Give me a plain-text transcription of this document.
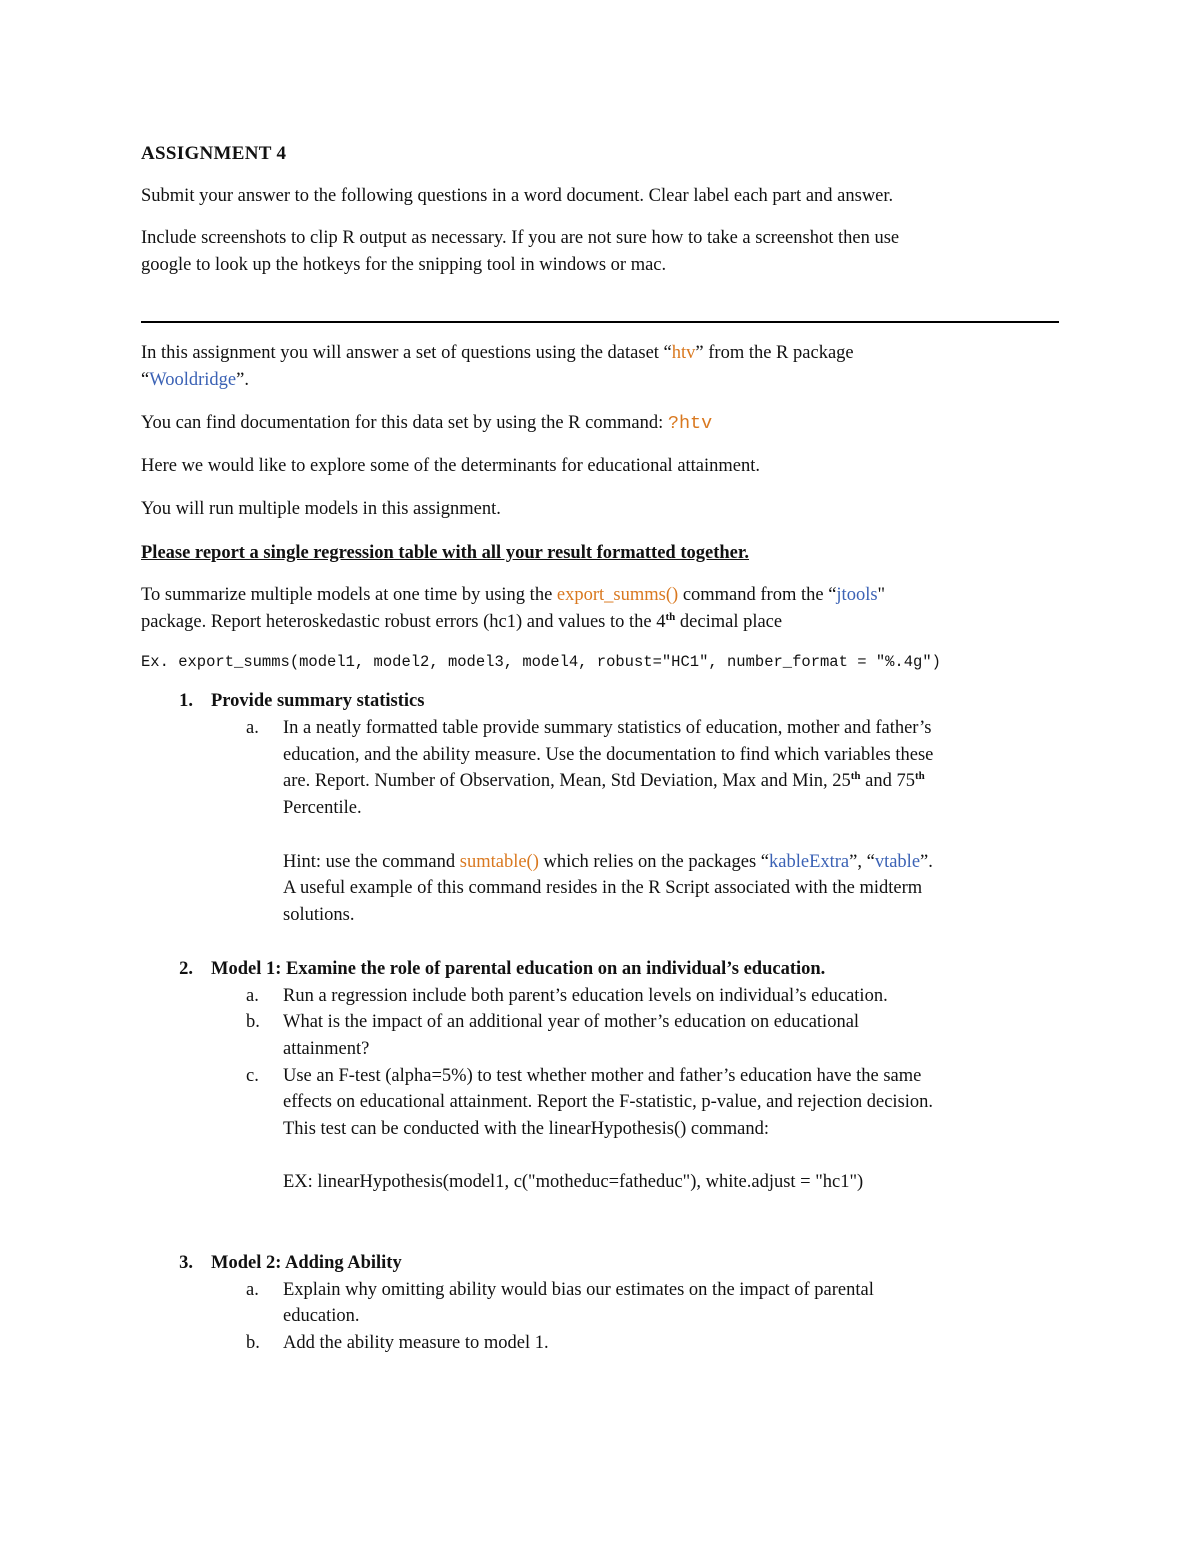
ASSIGNMENT 4
Submit your answer to the following questions in a word document. Clear label each part and answer.
Include screenshots to clip R output as necessary. If you are not sure how to take a screenshot then use
google to look up the hotkeys for the snipping tool in windows or mac.
In this assignment you will answer a set of questions using the dataset “htv” from the R package
“Wooldridge”.
You can find documentation for this data set by using the R command: ?htv
Here we would like to explore some of the determinants for educational attainment.
You will run multiple models in this assignment.
Please report a single regression table with all your result formatted together.
To summarize multiple models at one time by using the export_summs() command from the “jtools"
package. Report heteroskedastic robust errors (hc1) and values to the 4th decimal place
Ex. export_summs(model1, model2, model3, model4, robust="HC1", number_format = "%.4g")
1. Provide summary statistics
a.	In a neatly formatted table provide summary statistics of education, mother and father’s
education, and the ability measure. Use the documentation to find which variables these
are. Report. Number of Observation, Mean, Std Deviation, Max and Min, 25th and 75th
Percentile.
Hint: use the command sumtable() which relies on the packages “kableExtra”, “vtable”.
A useful example of this command resides in the R Script associated with the midterm
solutions.
2. Model 1: Examine the role of parental education on an individual’s education.
a.	Run a regression include both parent’s education levels on individual’s education.
b.	What is the impact of an additional year of mother’s education on educational
attainment?
c.	Use an F-test (alpha=5%) to test whether mother and father’s education have the same
effects on educational attainment. Report the F-statistic, p-value, and rejection decision.
This test can be conducted with the linearHypothesis() command:
EX: linearHypothesis(model1, c("motheduc=fatheduc"), white.adjust = "hc1")
3. Model 2: Adding Ability
a.	Explain why omitting ability would bias our estimates on the impact of parental
education.
b.	Add the ability measure to model 1.
